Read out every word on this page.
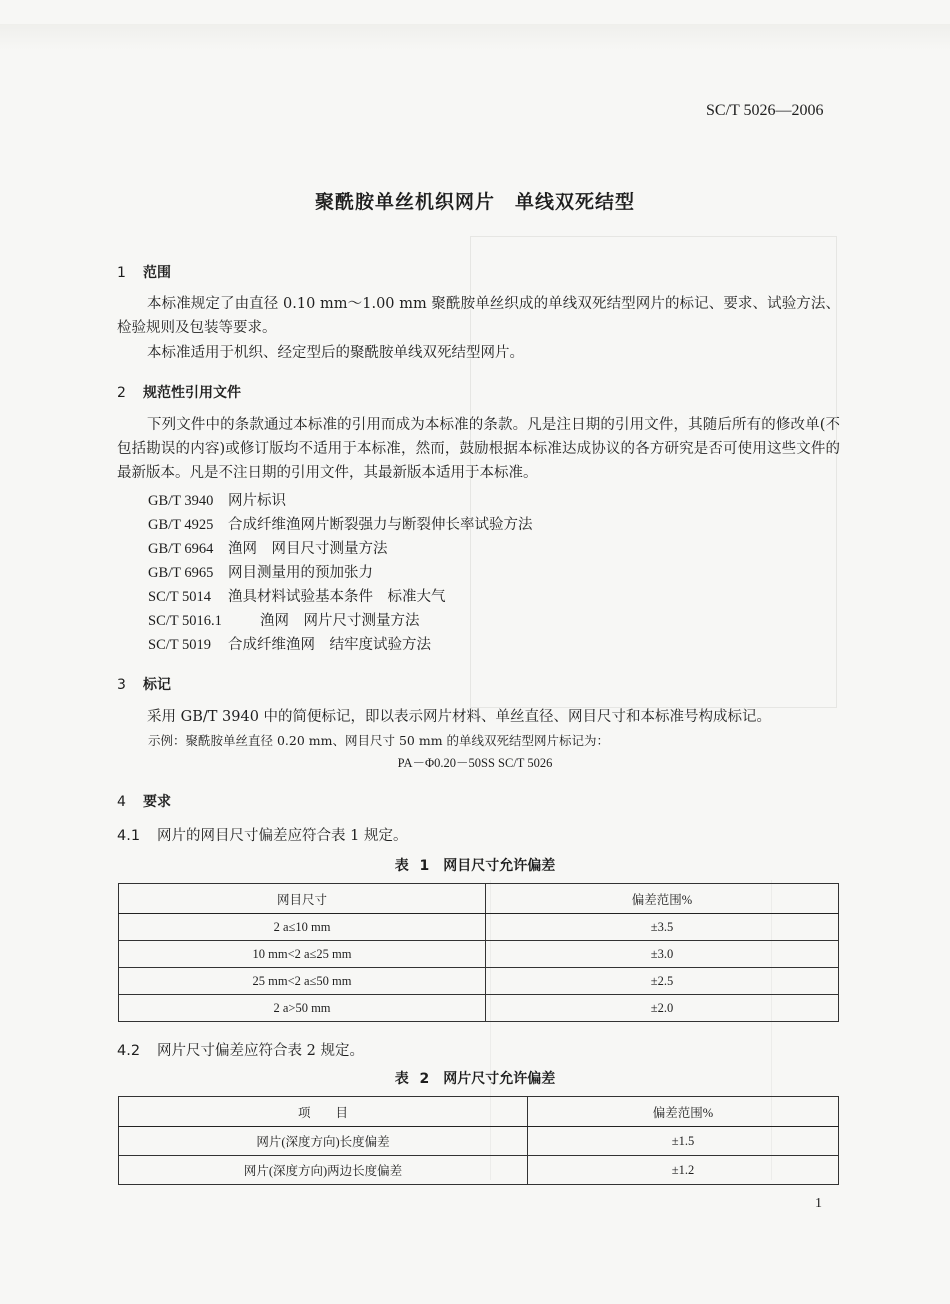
SC/T 5026—2006
聚酰胺单丝机织网片　单线双死结型
1 范围
本标准规定了由直径 0.10 mm～1.00 mm 聚酰胺单丝织成的单线双死结型网片的标记、要求、试验方法、检验规则及包装等要求。
本标准适用于机织、经定型后的聚酰胺单线双死结型网片。
2 规范性引用文件
下列文件中的条款通过本标准的引用而成为本标准的条款。凡是注日期的引用文件，其随后所有的修改单(不包括勘误的内容)或修订版均不适用于本标准，然而，鼓励根据本标准达成协议的各方研究是否可使用这些文件的最新版本。凡是不注日期的引用文件，其最新版本适用于本标准。
GB/T 3940 网片标识
GB/T 4925 合成纤维渔网片断裂强力与断裂伸长率试验方法
GB/T 6964 渔网　网目尺寸测量方法
GB/T 6965 网目测量用的预加张力
SC/T 5014 渔具材料试验基本条件　标准大气
SC/T 5016.1	渔网　网片尺寸测量方法
SC/T 5019 合成纤维渔网　结牢度试验方法
3 标记
采用 GB/T 3940 中的简便标记，即以表示网片材料、单丝直径、网目尺寸和本标准号构成标记。
示例：聚酰胺单丝直径 0.20 mm、网目尺寸 50 mm 的单线双死结型网片标记为：
PA－Φ0.20－50SS SC/T 5026
4 要求
4.1 网片的网目尺寸偏差应符合表 1 规定。
表 1　网目尺寸允许偏差
网目尺寸	偏差范围%
2 a≤10 mm	±3.5
10 mm<2 a≤25 mm	±3.0
25 mm<2 a≤50 mm	±2.5
2 a>50 mm	±2.0
4.2 网片尺寸偏差应符合表 2 规定。
表 2　网片尺寸允许偏差
项　　目	偏差范围%
网片(深度方向)长度偏差	±1.5
网片(深度方向)两边长度偏差	±1.2
1
